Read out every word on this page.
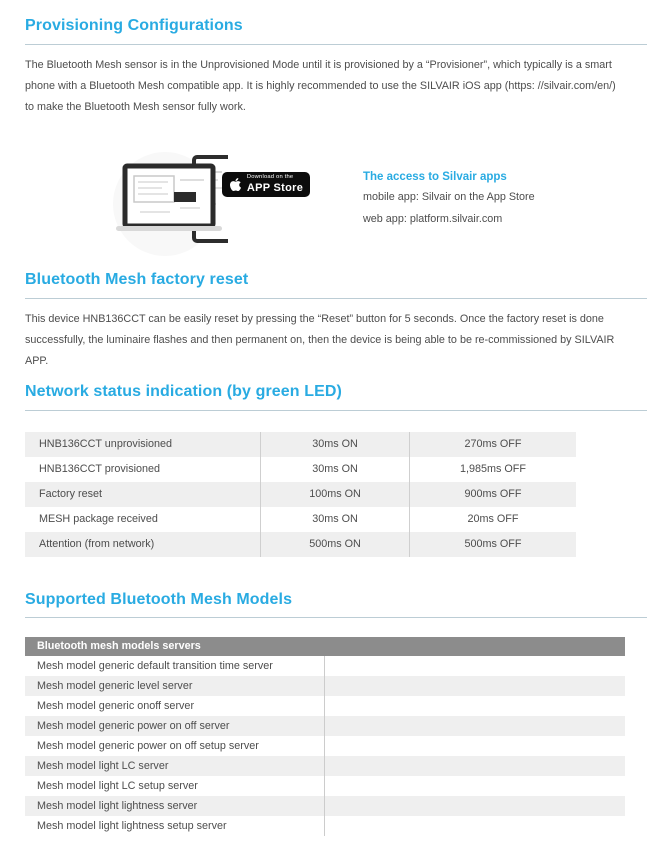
Provisioning Configurations
The Bluetooth Mesh sensor is in the Unprovisioned Mode until it is provisioned by a “Provisioner”, which typically is a smart phone with a Bluetooth Mesh compatible app. It is highly recommended to use the SILVAIR iOS app (https: //silvair.com/en/) to make the Bluetooth Mesh sensor fully work.
Download on the
APP Store
The access to Silvair apps
mobile app: Silvair on the App Store
web app: platform.silvair.com
Bluetooth Mesh factory reset
This device HNB136CCT can be easily reset by pressing the “Reset” button for 5 seconds. Once the factory reset is done successfully, the luminaire flashes and then permanent on, then the device is being able to be re-commissioned by SILVAIR APP.
Network status indication (by green LED)
HNB136CCT unprovisioned	30ms ON	270ms OFF
HNB136CCT provisioned	30ms ON	1,985ms OFF
Factory reset	100ms ON	900ms OFF
MESH package received	30ms ON	20ms OFF
Attention (from network)	500ms ON	500ms OFF
Supported Bluetooth Mesh Models
Bluetooth mesh models servers
Mesh model generic default transition time server
Mesh model generic level server
Mesh model generic onoff server
Mesh model generic power on off server
Mesh model generic power on off setup server
Mesh model light LC server
Mesh model light LC setup server
Mesh model light lightness server
Mesh model light lightness setup server
